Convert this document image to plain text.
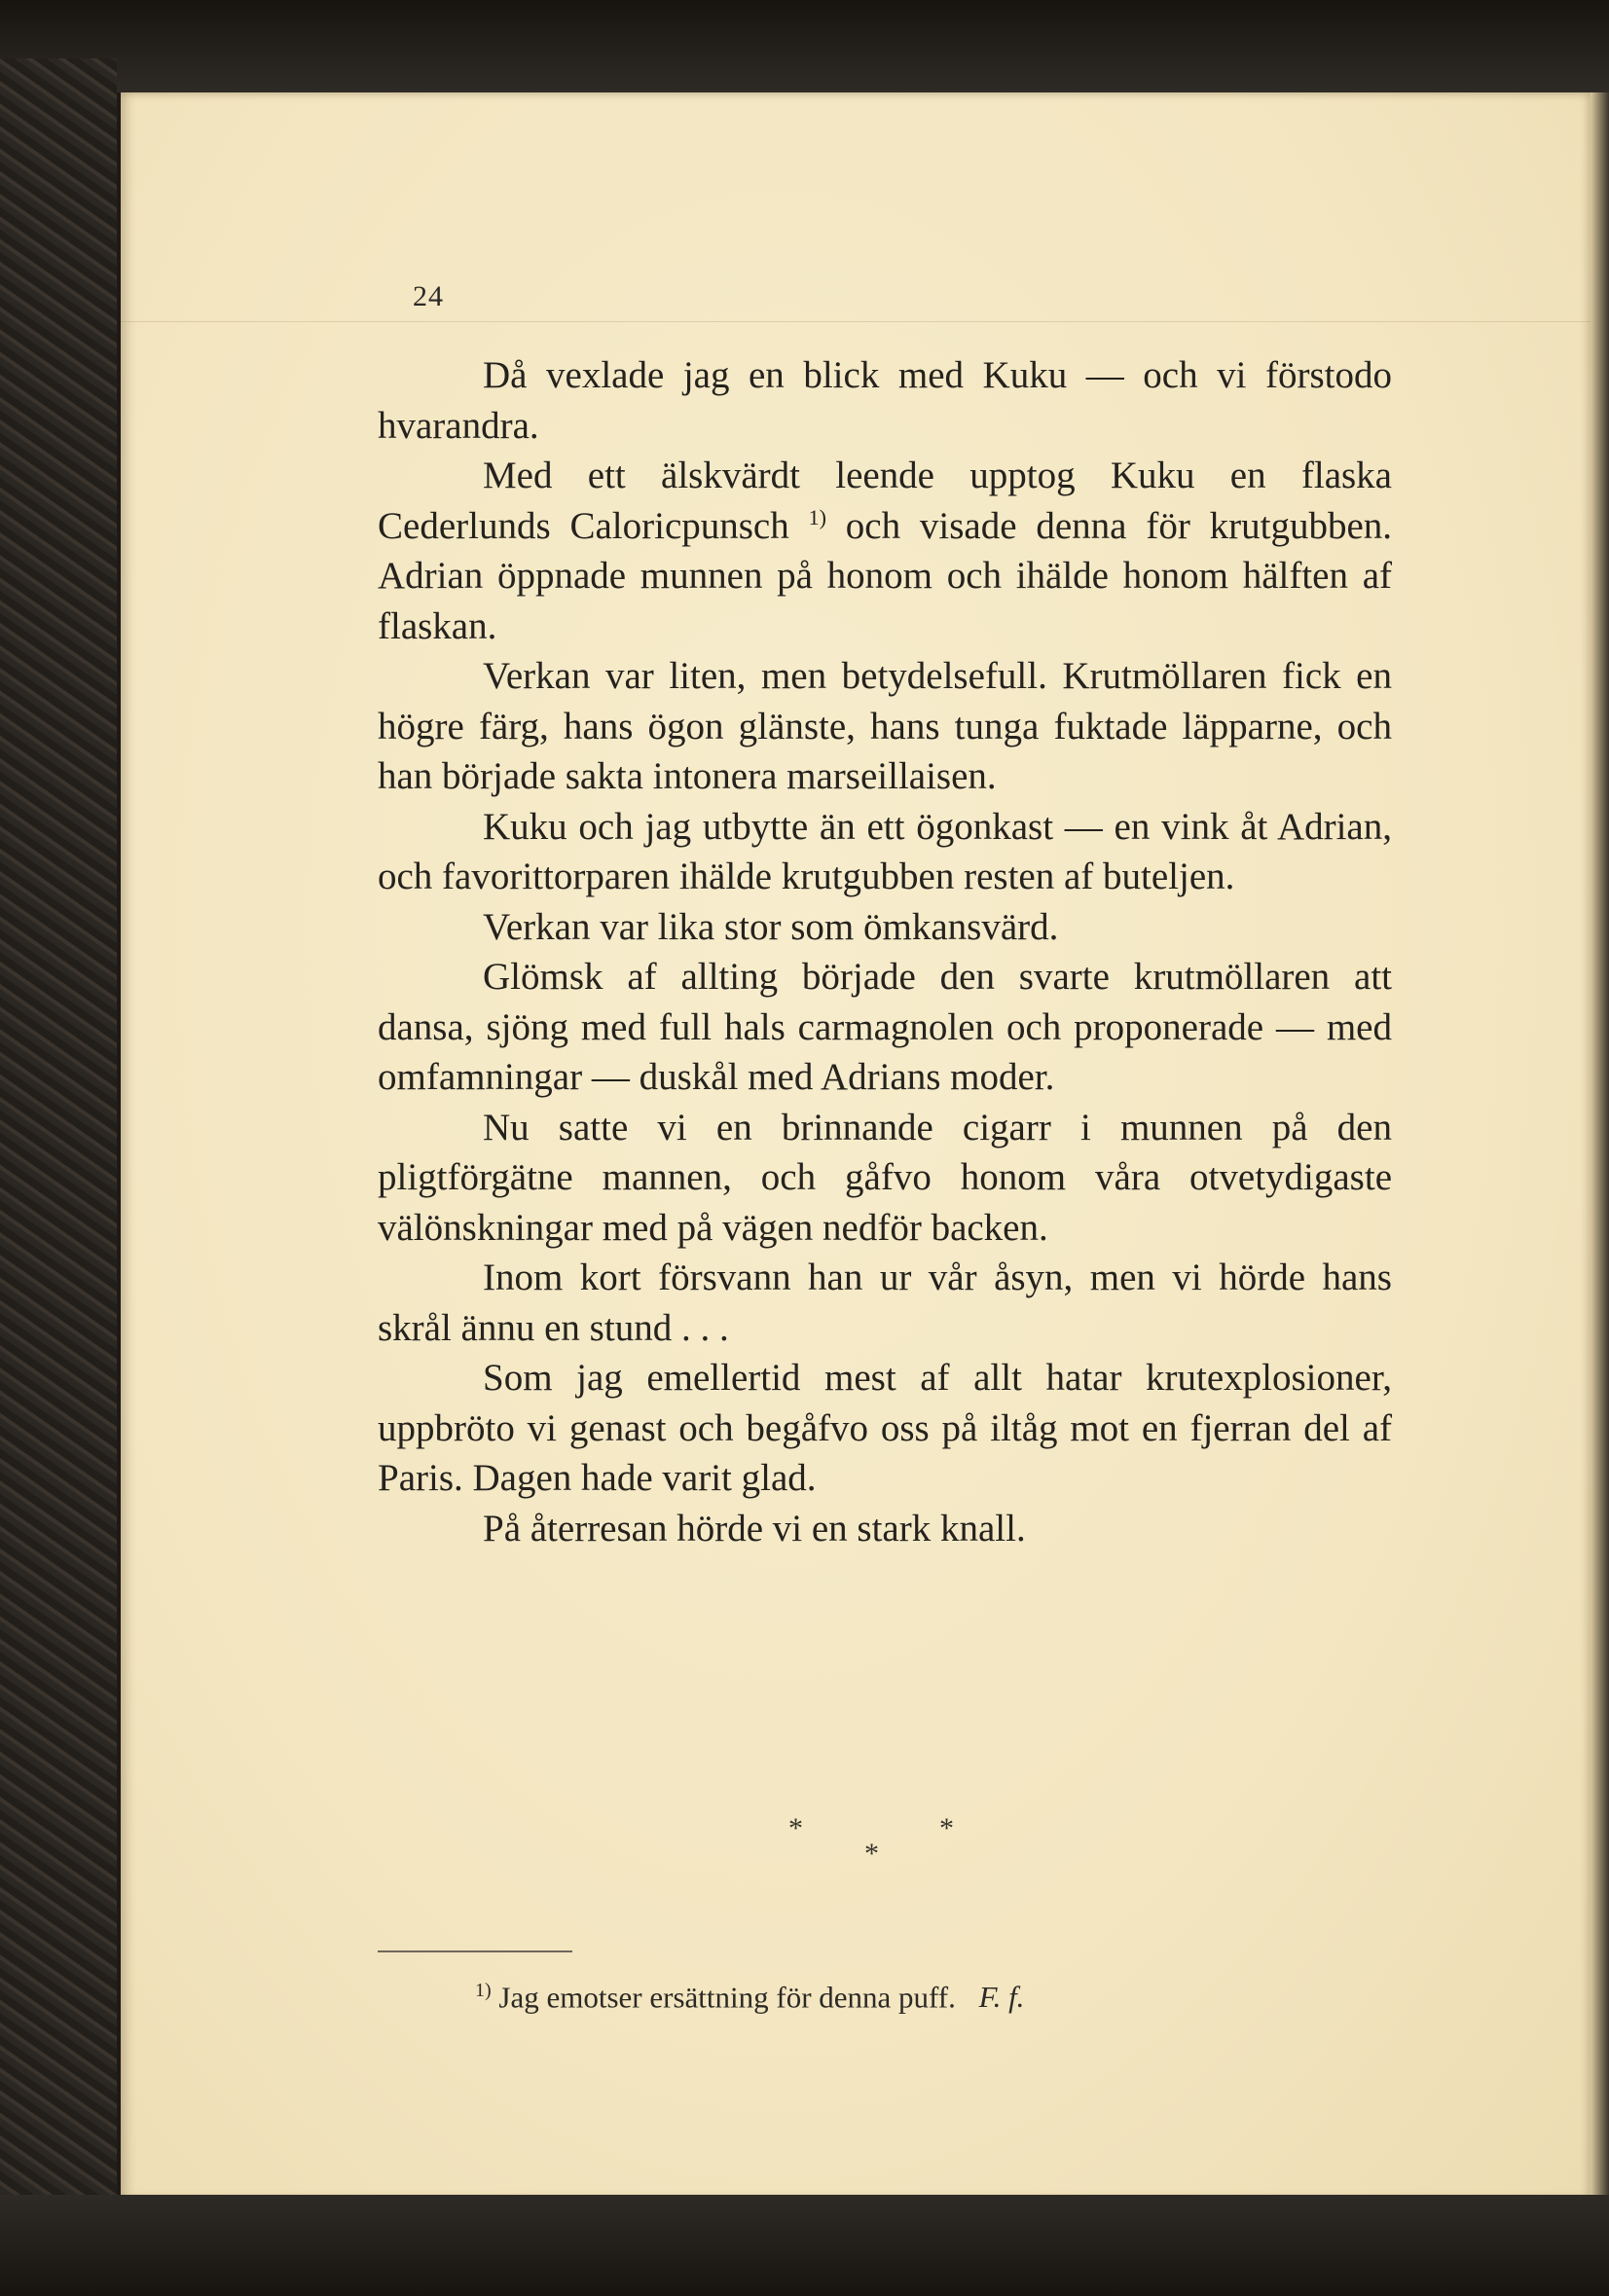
24

Då vexlade jag en blick med Kuku — och vi förstodo hvarandra.

Med ett älskvärdt leende upptog Kuku en flaska Cederlunds Caloricpunsch $^{1)}$ och visade denna för krutgubben. Adrian öppnade munnen på honom och ihälde honom hälften af flaskan.

Verkan var liten, men betydelsefull. Krutmöllaren fick en högre färg, hans ögon glänste, hans tunga fuktade läpparne, och han började sakta intonera marseillaisen.

Kuku och jag utbytte än ett ögonkast — en vink åt Adrian, och favorittorparen ihälde krutgubben resten af buteljen.

Verkan var lika stor som ömkansvärd.

Glömsk af allting började den svarte krutmöllaren att dansa, sjöng med full hals carmagnolen och proponerade — med omfamningar — duskål med Adrians moder.

Nu satte vi en brinnande cigarr i munnen på den pligtförgätne mannen, och gåfvo honom våra otvetydigaste välönskningar med på vägen nedför backen.

Inom kort försvann han ur vår åsyn, men vi hörde hans skrål ännu en stund . . .

Som jag emellertid mest af allt hatar krutexplosioner, uppbröto vi genast och begåfvo oss på iltåg mot en fjerran del af Paris. Dagen hade varit glad.

På återresan hörde vi en stark knall.

*	*
*
$^{1)}$ Jag emotser ersättning för denna puff. F. f.
